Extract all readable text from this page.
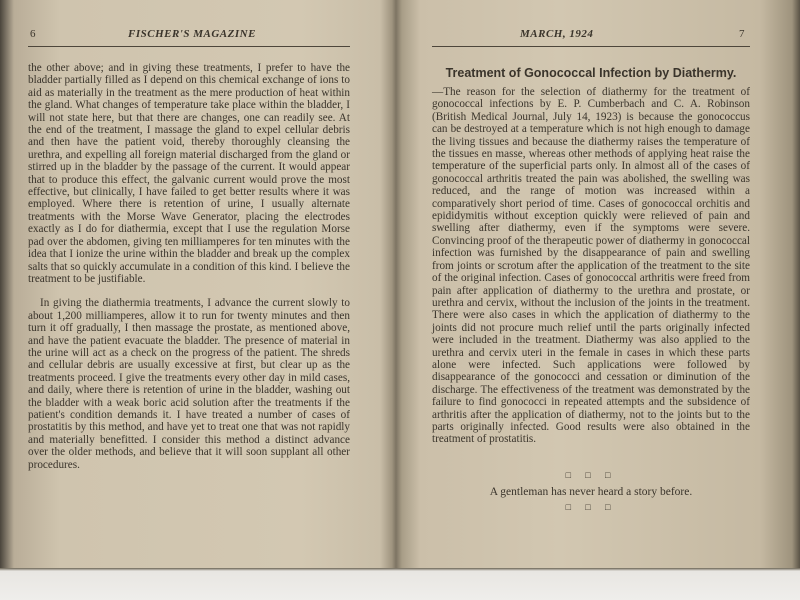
6	FISCHER'S MAGAZINE

the other above; and in giving these treatments, I prefer to have the bladder partially filled as I depend on this chemical exchange of ions to aid as materially in the treatment as the mere production of heat within the gland. What changes of temperature take place within the bladder, I will not state here, but that there are changes, one can readily see. At the end of the treatment, I massage the gland to expel cellular debris and then have the patient void, thereby thoroughly cleansing the urethra, and expelling all foreign material discharged from the gland or stirred up in the bladder by the passage of the current. It would appear that to produce this effect, the galvanic current would prove the most effective, but clinically, I have failed to get better results where it was employed. Where there is retention of urine, I usually alternate treatments with the Morse Wave Generator, placing the electrodes exactly as I do for diathermia, except that I use the regulation Morse pad over the abdomen, giving ten milliamperes for ten minutes with the idea that I ionize the urine within the bladder and break up the complex salts that so quickly accumulate in a condition of this kind. I believe the treatment to be justifiable.

In giving the diathermia treatments, I advance the current slowly to about 1,200 milliamperes, allow it to run for twenty minutes and then turn it off gradually, I then massage the prostate, as mentioned above, and have the patient evacuate the bladder. The presence of material in the urine will act as a check on the progress of the patient. The shreds and cellular debris are usually excessive at first, but clear up as the treatments proceed. I give the treatments every other day in mild cases, and daily, where there is retention of urine in the bladder, washing out the bladder with a weak boric acid solution after the treatments if the patient's condition demands it. I have treated a number of cases of prostatitis by this method, and have yet to treat one that was not rapidly and materially benefitted. I consider this method a distinct advance over the older methods, and believe that it will soon supplant all other procedures.

MARCH, 1924	7
Treatment of Gonococcal Infection by Diathermy.

—The reason for the selection of diathermy for the treatment of gonococcal infections by E. P. Cumberbach and C. A. Robinson (British Medical Journal, July 14, 1923) is because the gonococcus can be destroyed at a temperature which is not high enough to damage the living tissues and because the diathermy raises the temperature of the tissues en masse, whereas other methods of applying heat raise the temperature of the superficial parts only. In almost all of the cases of gonococcal arthritis treated the pain was abolished, the swelling was reduced, and the range of motion was increased within a comparatively short period of time. Cases of gonococcal orchitis and epididymitis without exception quickly were relieved of pain and swelling after diathermy, even if the symptoms were severe. Convincing proof of the therapeutic power of diathermy in gonococcal infection was furnished by the disappearance of pain and swelling from joints or scrotum after the application of the treatment to the site of the original infection. Cases of gonococcal arthritis were freed from pain after application of diathermy to the urethra and prostate, or urethra and cervix, without the inclusion of the joints in the treatment. There were also cases in which the application of diathermy to the joints did not procure much relief until the parts originally infected were included in the treatment. Diathermy was also applied to the urethra and cervix uteri in the female in cases in which these parts alone were infected. Such applications were followed by disappearance of the gonococci and cessation or diminution of the discharge. The effectiveness of the treatment was demonstrated by the failure to find gonococci in repeated attempts and the subsidence of arthritis after the application of diathermy, not to the joints but to the parts originally infected. Good results were also obtained in the treatment of prostatitis.

□ □ □
A gentleman has never heard a story before.
□ □ □
